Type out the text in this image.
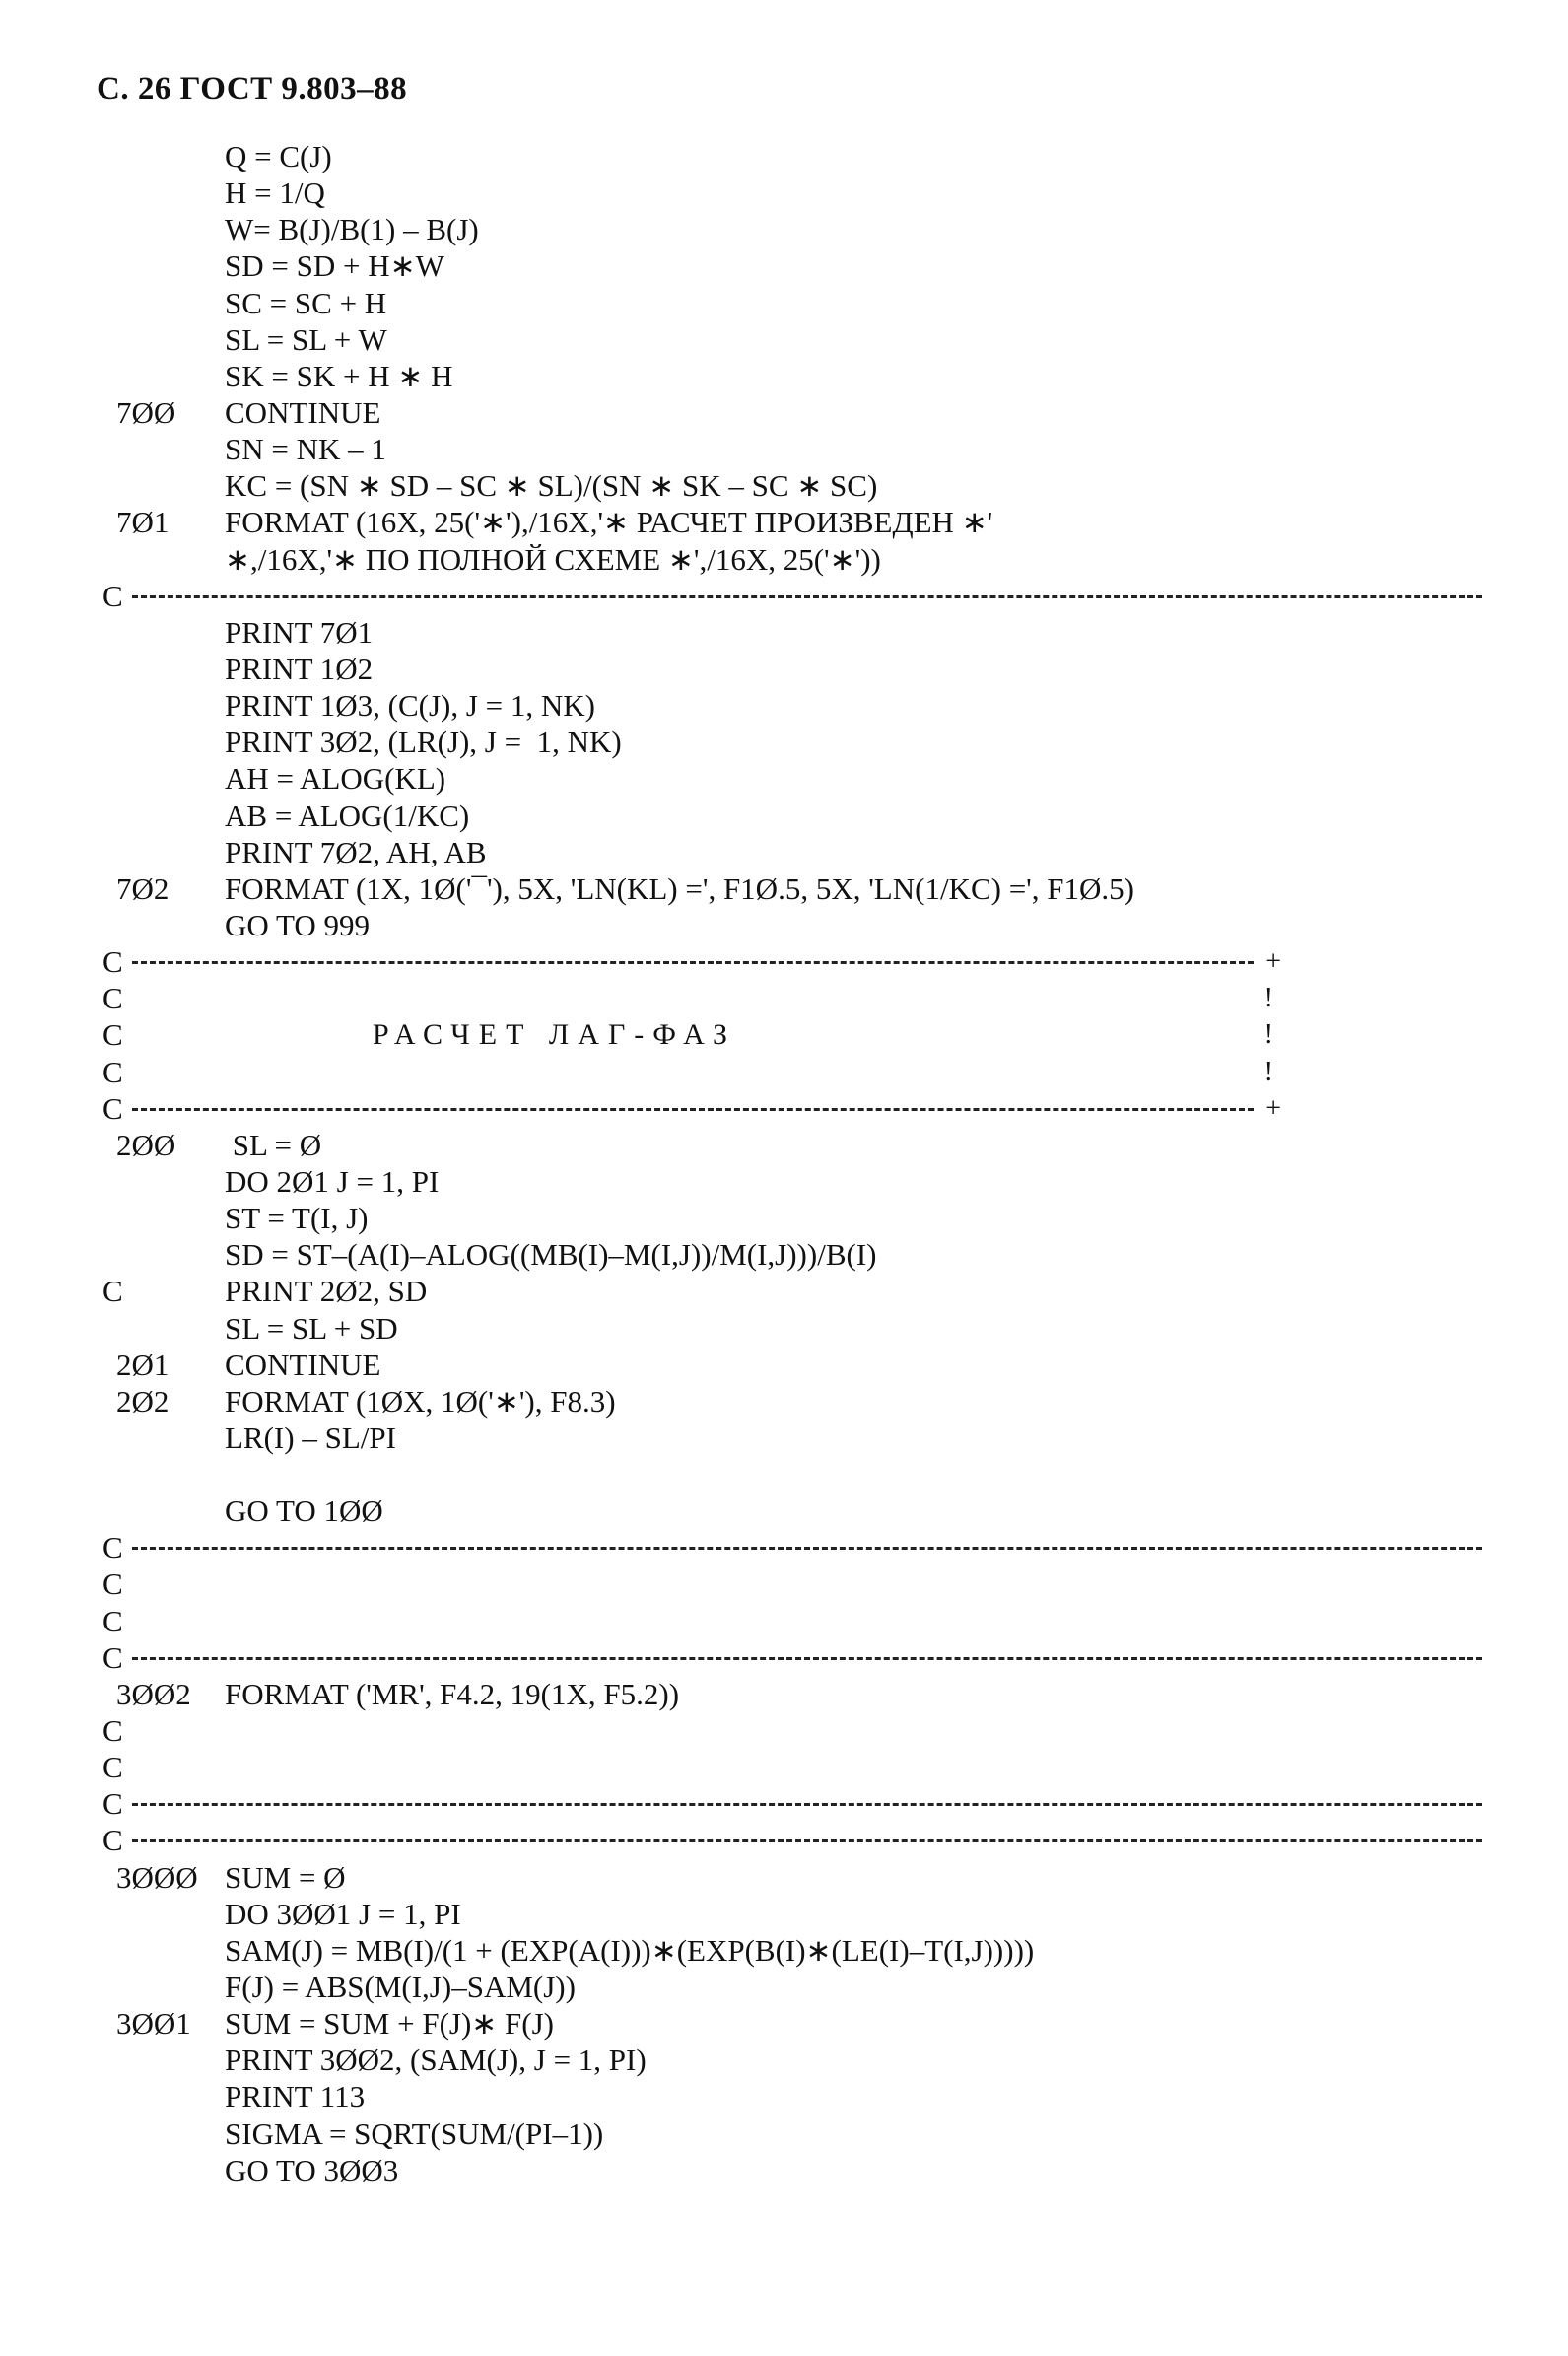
С. 26 ГОСТ 9.803–88
Q = C(J)
H = 1/Q
W= B(J)/B(1) – B(J)
SD = SD + H∗W
SC = SC + H
SL = SL + W
SK = SK + H ∗ H
7ØØ	CONTINUE
SN = NK – 1
KC = (SN ∗ SD – SC ∗ SL)/(SN ∗ SK – SC ∗ SC)
7Ø1	FORMAT (16X, 25('∗'),/16X,'∗ РАСЧЕТ ПРОИЗВЕДЕН ∗'
∗,/16X,'∗ ПО ПОЛНОЙ СХЕМЕ ∗',/16X, 25('∗'))
C
PRINT 7Ø1
PRINT 1Ø2
PRINT 1Ø3, (C(J), J = 1, NK)
PRINT 3Ø2, (LR(J), J =  1, NK)
AH = ALOG(KL)
AB = ALOG(1/KC)
PRINT 7Ø2, AH, AB
7Ø2	FORMAT (1X, 1Ø('¯'), 5X, 'LN(KL) =', F1Ø.5, 5X, 'LN(1/KC) =', F1Ø.5)
GO TO 999
C	+
C	!
C	РАСЧЕТ ЛАГ-ФАЗ	!
C	!
C	+
2ØØ	SL = Ø
DO 2Ø1 J = 1, PI
ST = T(I, J)
SD = ST–(A(I)–ALOG((MB(I)–M(I,J))/M(I,J)))/B(I)
C	PRINT 2Ø2, SD
SL = SL + SD
2Ø1	CONTINUE
2Ø2	FORMAT (1ØX, 1Ø('∗'), F8.3)
LR(I) – SL/PI
GO TO 1ØØ
C
C
C
C
3ØØ2	FORMAT ('MR', F4.2, 19(1X, F5.2))
C
C
C
C
3ØØØ SUM = Ø
DO 3ØØ1 J = 1, PI
SAM(J) = MB(I)/(1 + (EXP(A(I)))∗(EXP(B(I)∗(LE(I)–T(I,J)))))
F(J) = ABS(M(I,J)–SAM(J))
3ØØ1	SUM = SUM + F(J)∗ F(J)
PRINT 3ØØ2, (SAM(J), J = 1, PI)
PRINT 113
SIGMA = SQRT(SUM/(PI–1))
GO TO 3ØØ3
